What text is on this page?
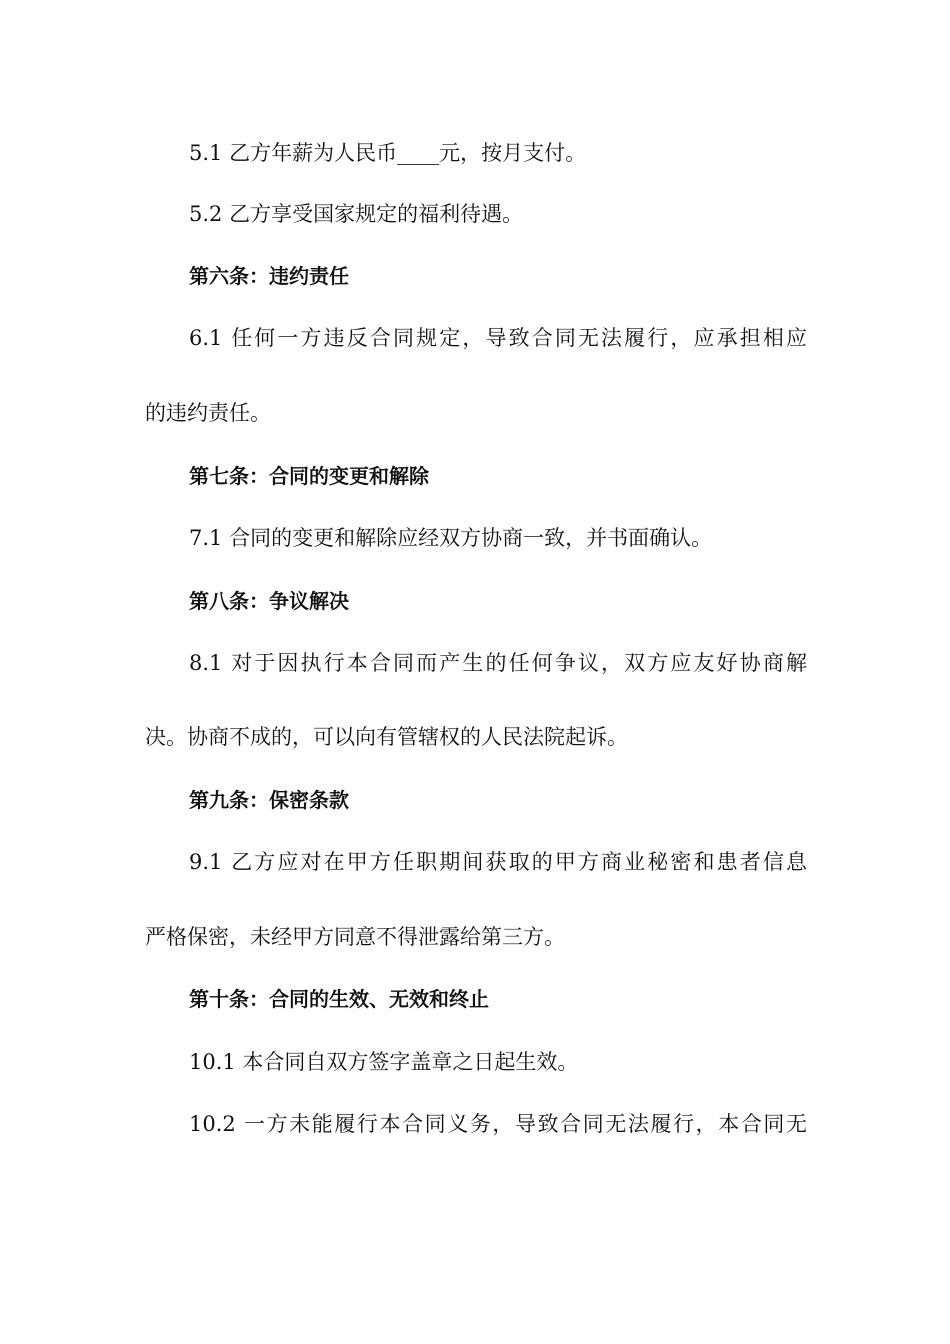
5.1 乙方年薪为人民币____元，按月支付。
5.2 乙方享受国家规定的福利待遇。
第六条：违约责任
6.1 任何一方违反合同规定，导致合同无法履行，应承担相应
的违约责任。
第七条：合同的变更和解除
7.1 合同的变更和解除应经双方协商一致，并书面确认。
第八条：争议解决
8.1 对于因执行本合同而产生的任何争议，双方应友好协商解
决。协商不成的，可以向有管辖权的人民法院起诉。
第九条：保密条款
9.1 乙方应对在甲方任职期间获取的甲方商业秘密和患者信息
严格保密，未经甲方同意不得泄露给第三方。
第十条：合同的生效、无效和终止
10.1 本合同自双方签字盖章之日起生效。
10.2 一方未能履行本合同义务，导致合同无法履行，本合同无
